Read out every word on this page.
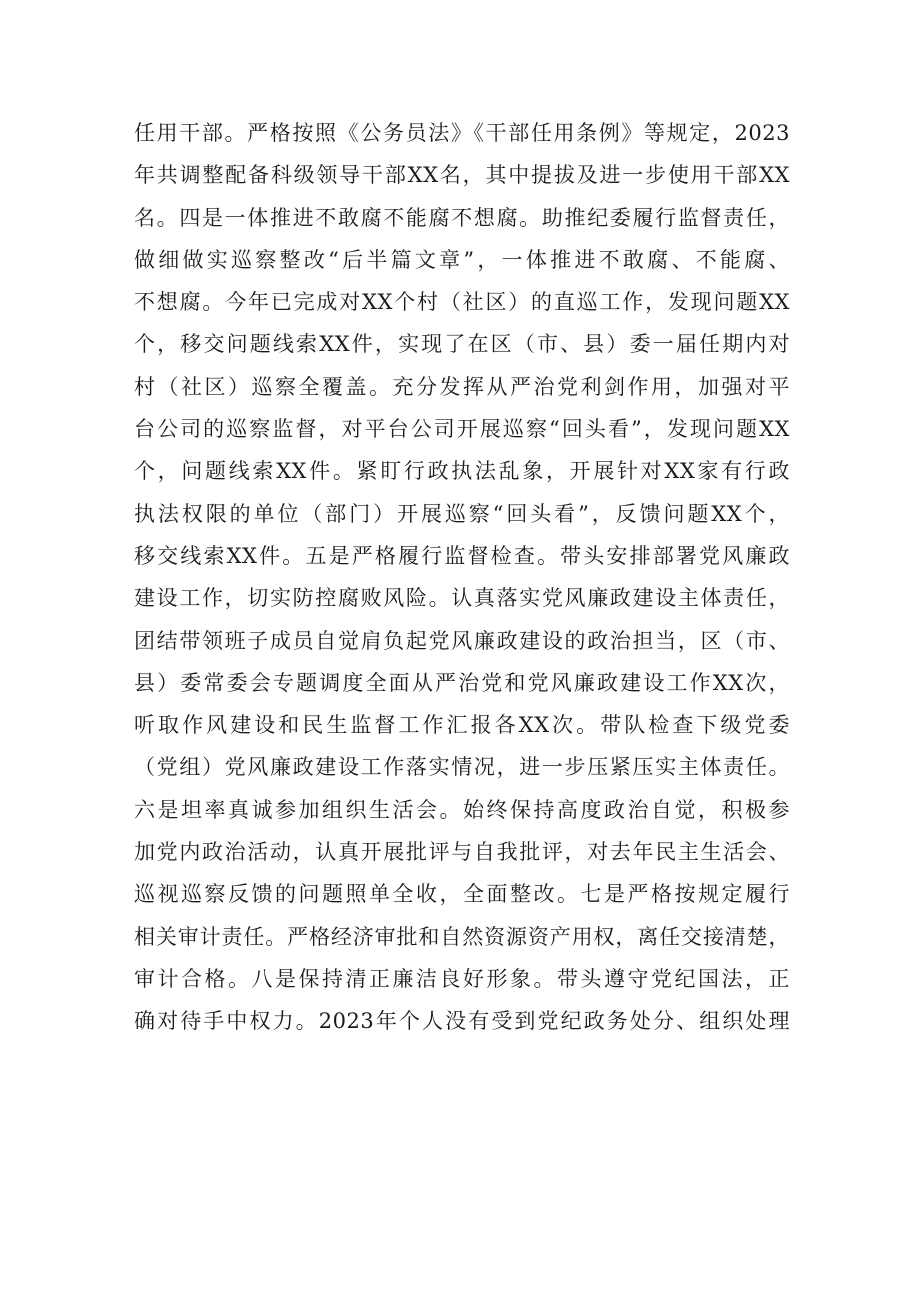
任用干部。严格按照《公务员法》《干部任用条例》等规定，2023
年共调整配备科级领导干部XX名，其中提拔及进一步使用干部XX
名。四是一体推进不敢腐不能腐不想腐。助推纪委履行监督责任，
做细做实巡察整改“后半篇文章”，一体推进不敢腐、不能腐、
不想腐。今年已完成对XX个村（社区）的直巡工作，发现问题XX
个，移交问题线索XX件，实现了在区（市、县）委一届任期内对
村（社区）巡察全覆盖。充分发挥从严治党利剑作用，加强对平
台公司的巡察监督，对平台公司开展巡察“回头看”，发现问题XX
个，问题线索XX件。紧盯行政执法乱象，开展针对XX家有行政
执法权限的单位（部门）开展巡察“回头看”，反馈问题XX个，
移交线索XX件。五是严格履行监督检查。带头安排部署党风廉政
建设工作，切实防控腐败风险。认真落实党风廉政建设主体责任，
团结带领班子成员自觉肩负起党风廉政建设的政治担当，区（市、
县）委常委会专题调度全面从严治党和党风廉政建设工作XX次，
听取作风建设和民生监督工作汇报各XX次。带队检查下级党委
（党组）党风廉政建设工作落实情况，进一步压紧压实主体责任。
六是坦率真诚参加组织生活会。始终保持高度政治自觉，积极参
加党内政治活动，认真开展批评与自我批评，对去年民主生活会、
巡视巡察反馈的问题照单全收，全面整改。七是严格按规定履行
相关审计责任。严格经济审批和自然资源资产用权，离任交接清楚，
审计合格。八是保持清正廉洁良好形象。带头遵守党纪国法，正
确对待手中权力。2023年个人没有受到党纪政务处分、组织处理
